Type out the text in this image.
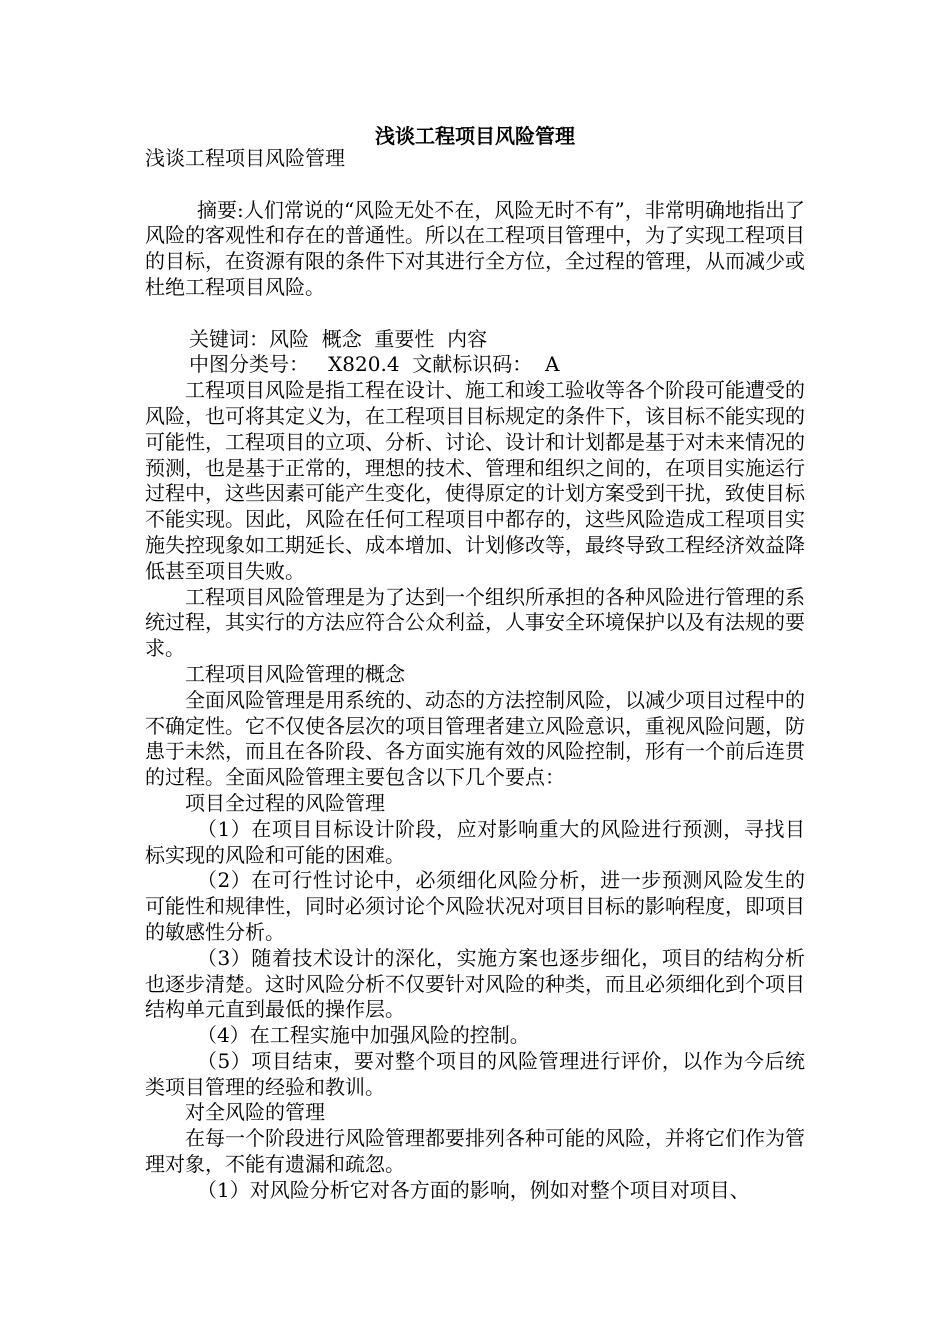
浅谈工程项目风险管理

浅谈工程项目风险管理

摘要:人们常说的“风险无处不在，风险无时不有”，非常明确地指出了风险的客观性和存在的普通性。所以在工程项目管理中，为了实现工程项目的目标，在资源有限的条件下对其进行全方位，全过程的管理，从而减少或杜绝工程项目风险。

关键词：风险  概念  重要性  内容

中图分类号：   X820.4  文献标识码：  A

工程项目风险是指工程在设计、施工和竣工验收等各个阶段可能遭受的风险，也可将其定义为，在工程项目目标规定的条件下，该目标不能实现的可能性，工程项目的立项、分析、讨论、设计和计划都是基于对未来情况的预测，也是基于正常的，理想的技术、管理和组织之间的，在项目实施运行过程中，这些因素可能产生变化，使得原定的计划方案受到干扰，致使目标不能实现。因此，风险在任何工程项目中都存的，这些风险造成工程项目实施失控现象如工期延长、成本增加、计划修改等，最终导致工程经济效益降低甚至项目失败。

工程项目风险管理是为了达到一个组织所承担的各种风险进行管理的系统过程，其实行的方法应符合公众利益，人事安全环境保护以及有法规的要求。

工程项目风险管理的概念

全面风险管理是用系统的、动态的方法控制风险，以减少项目过程中的不确定性。它不仅使各层次的项目管理者建立风险意识，重视风险问题，防患于未然，而且在各阶段、各方面实施有效的风险控制，形有一个前后连贯的过程。全面风险管理主要包含以下几个要点：

项目全过程的风险管理

（1）在项目目标设计阶段，应对影响重大的风险进行预测，寻找目标实现的风险和可能的困难。

（2）在可行性讨论中，必须细化风险分析，进一步预测风险发生的可能性和规律性，同时必须讨论个风险状况对项目目标的影响程度，即项目的敏感性分析。

（3）随着技术设计的深化，实施方案也逐步细化，项目的结构分析也逐步清楚。这时风险分析不仅要针对风险的种类，而且必须细化到个项目结构单元直到最低的操作层。

（4）在工程实施中加强风险的控制。

（5）项目结束，要对整个项目的风险管理进行评价，以作为今后统类项目管理的经验和教训。

对全风险的管理

在每一个阶段进行风险管理都要排列各种可能的风险，并将它们作为管理对象，不能有遗漏和疏忽。

（1）对风险分析它对各方面的影响，例如对整个项目对项目、
